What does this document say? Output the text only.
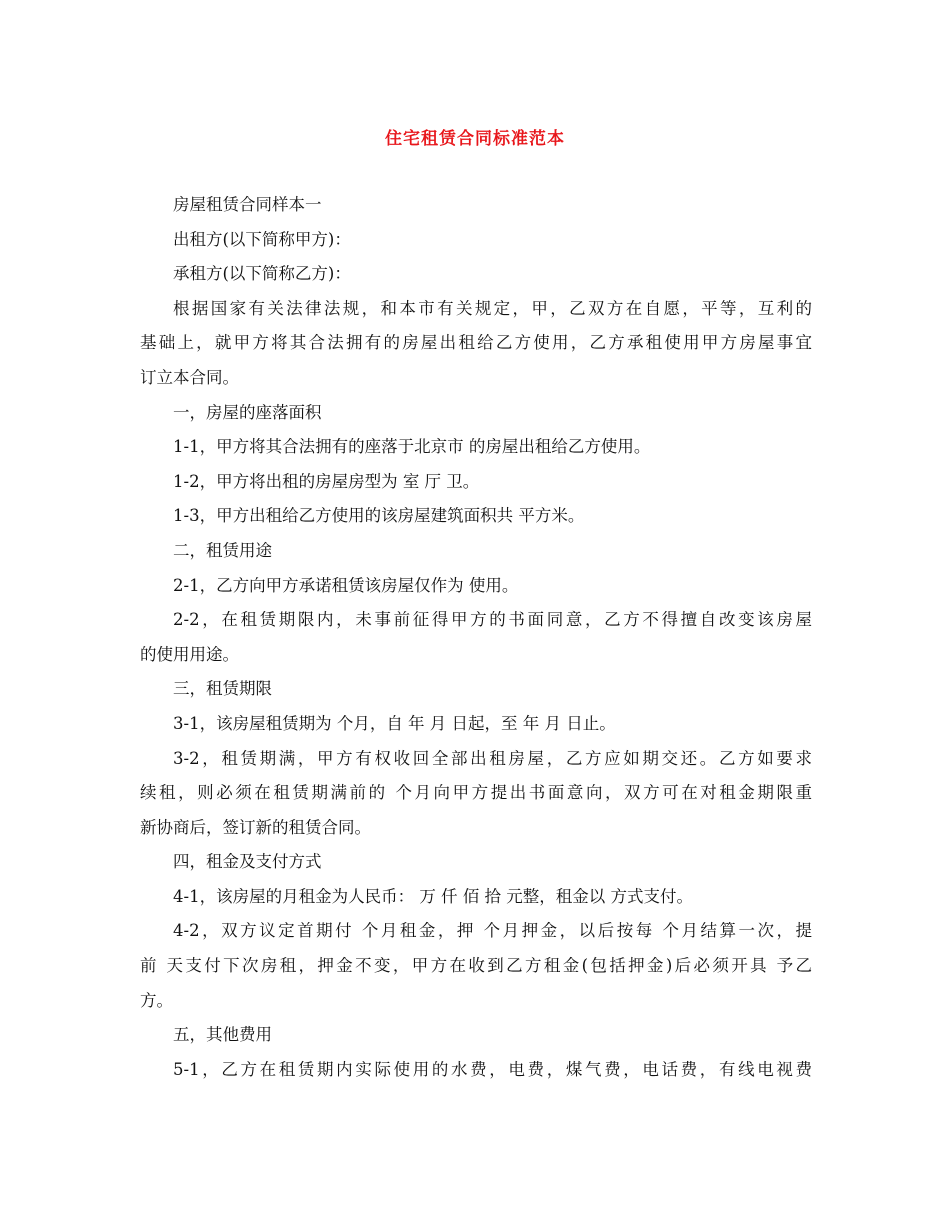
住宅租赁合同标准范本
房屋租赁合同样本一
出租方(以下简称甲方)：
承租方(以下简称乙方)：
根据国家有关法律法规，和本市有关规定，甲，乙双方在自愿，平等，互利的
基础上，就甲方将其合法拥有的房屋出租给乙方使用，乙方承租使用甲方房屋事宜
订立本合同。
一，房屋的座落面积
1-1，甲方将其合法拥有的座落于北京市 的房屋出租给乙方使用。
1-2，甲方将出租的房屋房型为 室 厅 卫。
1-3，甲方出租给乙方使用的该房屋建筑面积共 平方米。
二，租赁用途
2-1，乙方向甲方承诺租赁该房屋仅作为 使用。
2-2，在租赁期限内，未事前征得甲方的书面同意，乙方不得擅自改变该房屋
的使用用途。
三，租赁期限
3-1，该房屋租赁期为 个月，自 年 月 日起，至 年 月 日止。
3-2，租赁期满，甲方有权收回全部出租房屋，乙方应如期交还。乙方如要求
续租，则必须在租赁期满前的 个月向甲方提出书面意向，双方可在对租金期限重
新协商后，签订新的租赁合同。
四，租金及支付方式
4-1，该房屋的月租金为人民币： 万 仟 佰 拾 元整，租金以 方式支付。
4-2，双方议定首期付 个月租金，押 个月押金，以后按每 个月结算一次，提
前 天支付下次房租，押金不变，甲方在收到乙方租金(包括押金)后必须开具 予乙
方。
五，其他费用
5-1，乙方在租赁期内实际使用的水费，电费，煤气费，电话费，有线电视费
